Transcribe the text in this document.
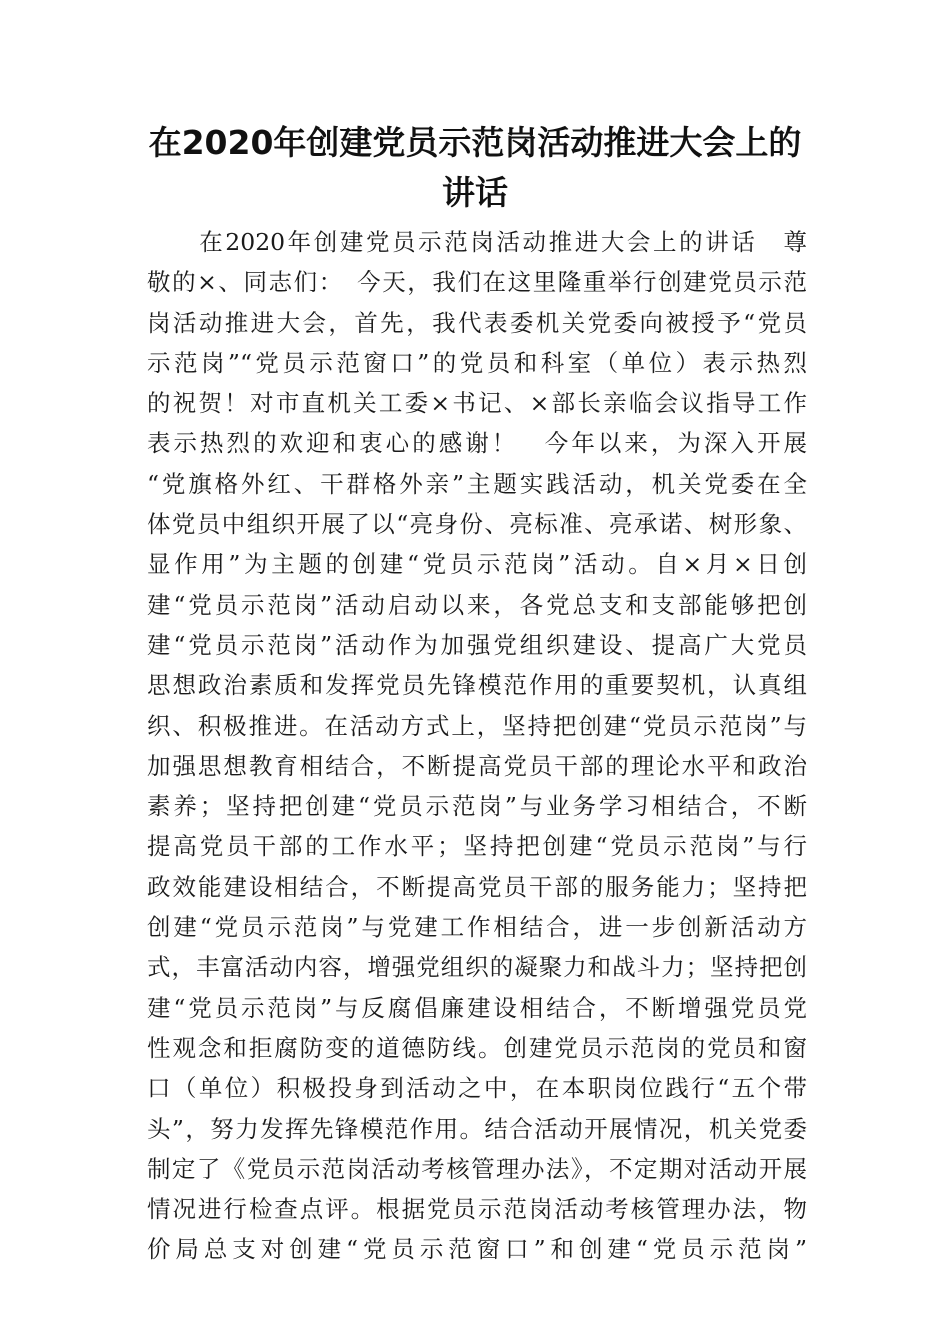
在2020年创建党员示范岗活动推进大会上的
讲话
　　在2020年创建党员示范岗活动推进大会上的讲话　尊
敬的×、同志们：　今天，我们在这里隆重举行创建党员示范
岗活动推进大会，首先，我代表委机关党委向被授予“党员
示范岗”“党员示范窗口”的党员和科室（单位）表示热烈
的祝贺！对市直机关工委×书记、×部长亲临会议指导工作
表示热烈的欢迎和衷心的感谢！　今年以来，为深入开展
“党旗格外红、干群格外亲”主题实践活动，机关党委在全
体党员中组织开展了以“亮身份、亮标准、亮承诺、树形象、
显作用”为主题的创建“党员示范岗”活动。自×月×日创
建“党员示范岗”活动启动以来，各党总支和支部能够把创
建“党员示范岗”活动作为加强党组织建设、提高广大党员
思想政治素质和发挥党员先锋模范作用的重要契机，认真组
织、积极推进。在活动方式上，坚持把创建“党员示范岗”与
加强思想教育相结合，不断提高党员干部的理论水平和政治
素养；坚持把创建“党员示范岗”与业务学习相结合，不断
提高党员干部的工作水平；坚持把创建“党员示范岗”与行
政效能建设相结合，不断提高党员干部的服务能力；坚持把
创建“党员示范岗”与党建工作相结合，进一步创新活动方
式，丰富活动内容，增强党组织的凝聚力和战斗力；坚持把创
建“党员示范岗”与反腐倡廉建设相结合，不断增强党员党
性观念和拒腐防变的道德防线。创建党员示范岗的党员和窗
口（单位）积极投身到活动之中，在本职岗位践行“五个带
头”，努力发挥先锋模范作用。结合活动开展情况，机关党委
制定了《党员示范岗活动考核管理办法》，不定期对活动开展
情况进行检查点评。根据党员示范岗活动考核管理办法，物
价局总支对创建“党员示范窗口”和创建“党员示范岗”
